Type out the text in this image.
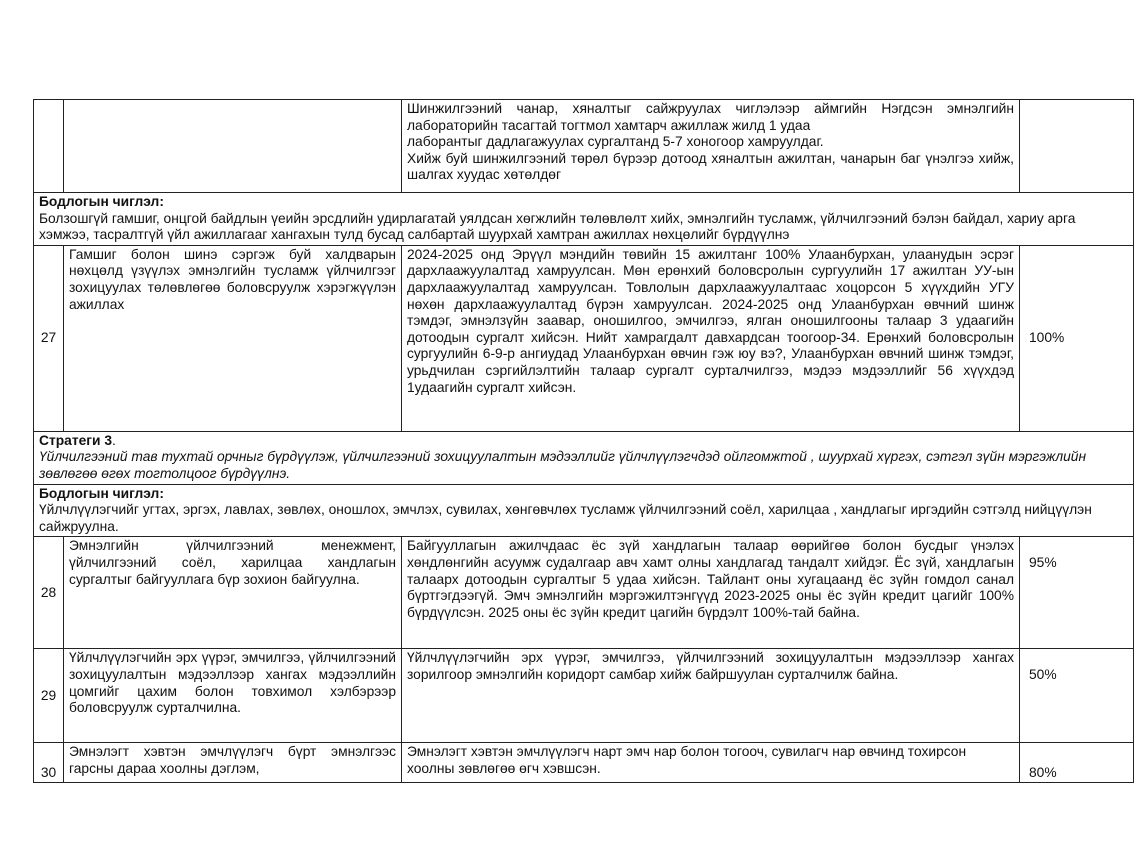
		Шинжилгээний чанар, хяналтыг сайжруулах чиглэлээр аймгийн Нэгдсэн эмнэлгийн лабораторийн тасагтай тогтмол хамтарч ажиллаж жилд 1 удаа
лаборантыг дадлагажуулах сургалтанд 5-7 хоногоор хамруулдаг.
Хийж буй шинжилгээний төрөл бүрээр дотоод хяналтын ажилтан, чанарын баг үнэлгээ хийж, шалгах хуудас хөтөлдөг	

Бодлогын чиглэл:
Болзошгүй гамшиг, онцгой байдлын үеийн эрсдлийн удирлагатай уялдсан хөгжлийн төлөвлөлт хийх, эмнэлгийн тусламж, үйлчилгээний бэлэн байдал, хариу арга хэмжээ, тасралтгүй үйл ажиллагааг хангахын тулд бусад салбартай шуурхай хамтран ажиллах нөхцөлийг бүрдүүлнэ			

27	Гамшиг болон шинэ сэргэж буй халдварын нөхцөлд үзүүлэх эмнэлгийн тусламж үйлчилгээг зохицуулах төлөвлөгөө боловсруулж хэрэгжүүлэн ажиллах	2024-2025 онд Эрүүл мэндийн төвийн 15 ажилтанг 100% Улаанбурхан, улаанудын эсрэг дархлаажуулалтад хамруулсан. Мөн ерөнхий боловсролын сургуулийн 17 ажилтан УУ-ын дархлаажуулалтад хамруулсан. Товлолын дархлаажуулалтаас хоцорсон 5 хүүхдийн УГУ нөхөн дархлаажуулалтад бүрэн хамруулсан. 2024-2025 онд Улаанбурхан өвчний шинж тэмдэг, эмнэлзүйн заавар, оношилгоо, эмчилгээ, ялган оношилгооны талаар 3 удаагийн дотоодын сургалт хийсэн. Нийт хамрагдалт давхардсан тоогоор-34. Ерөнхий боловсролын сургуулийн 6-9-р ангиудад Улаанбурхан өвчин гэж юу вэ?, Улаанбурхан өвчний шинж тэмдэг, урьдчилан сэргийлэлтийн талаар сургалт сурталчилгээ, мэдээ мэдээллийг 56 хүүхдэд 1удаагийн сургалт хийсэн.	100%

Стратеги 3.
Үйлчилгээний тав тухтай орчныг бүрдүүлэж, үйлчилгээний зохицуулалтын мэдээллийг үйлчлүүлэгчдэд ойлгомжтой , шуурхай хүргэх, сэтгэл зүйн мэргэжлийн зөвлөгөө өгөх тогтолцоог бүрдүүлнэ.			

Бодлогын чиглэл:
Үйлчлүүлэгчийг угтах, эргэх, лавлах, зөвлөх, оношлох, эмчлэх, сувилах, хөнгөвчлөх тусламж үйлчилгээний соёл, харилцаа , хандлагыг иргэдийн сэтгэлд нийцүүлэн сайжруулна.			

28	Эмнэлгийн үйлчилгээний менежмент, үйлчилгээний соёл, харилцаа хандлагын сургалтыг байгууллага бүр зохион байгуулна.	Байгууллагын ажилчдаас ёс зүй хандлагын талаар өөрийгөө болон бусдыг үнэлэх хөндлөнгийн асуумж судалгаар авч хамт олны хандлагад тандалт хийдэг. Ёс зүй, хандлагын талаарх дотоодын сургалтыг 5 удаа хийсэн. Тайлант оны хугацаанд ёс зүйн гомдол санал бүртгэгдээгүй. Эмч эмнэлгийн мэргэжилтэнгүүд 2023-2025 оны ёс зүйн кредит цагийг 100% бүрдүүлсэн. 2025 оны ёс зүйн кредит цагийн бүрдэлт 100%-тай байна.	95%

29	Үйлчлүүлэгчийн эрх үүрэг, эмчилгээ, үйлчилгээний зохицуулалтын мэдээллээр хангах мэдээллийн цомгийг цахим болон товхимол хэлбэрээр боловсруулж сурталчилна.	Үйлчлүүлэгчийн эрх үүрэг, эмчилгээ, үйлчилгээний зохицуулалтын мэдээллээр хангах зорилгоор эмнэлгийн коридорт самбар хийж байршуулан сурталчилж байна.	50%

30	Эмнэлэгт хэвтэн эмчлүүлэгч бүрт эмнэлгээс гарсны дараа хоолны дэглэм,	Эмнэлэгт хэвтэн эмчлүүлэгч нарт эмч нар болон тогооч, сувилагч нар өвчинд тохирсон хоолны зөвлөгөө өгч хэвшсэн.	80%
